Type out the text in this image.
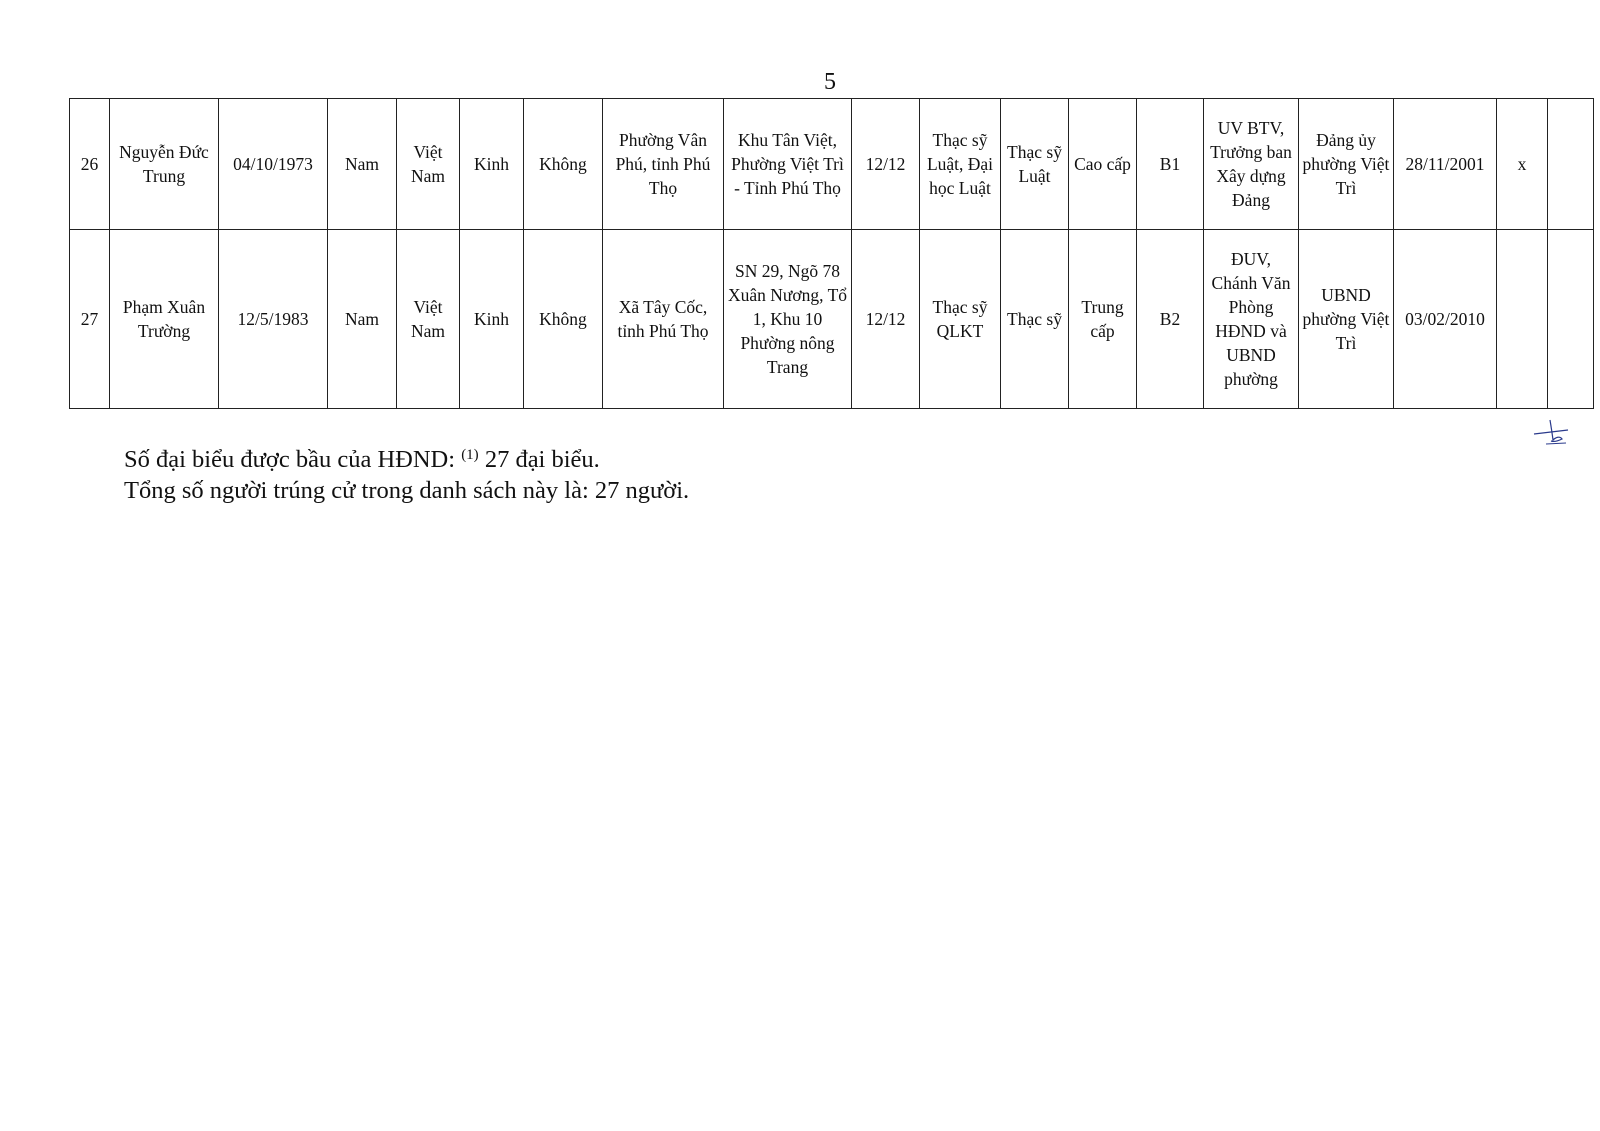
5
26	Nguyễn Đức Trung	04/10/1973	Nam	Việt Nam	Kinh	Không	Phường Vân Phú, tỉnh Phú Thọ	Khu Tân Việt, Phường Việt Trì - Tỉnh Phú Thọ	12/12	Thạc sỹ Luật, Đại học Luật	Thạc sỹ Luật	Cao cấp	B1	UV BTV, Trưởng ban Xây dựng Đảng	Đảng ủy phường Việt Trì	28/11/2001	x	
27	Phạm Xuân Trường	12/5/1983	Nam	Việt Nam	Kinh	Không	Xã Tây Cốc, tỉnh Phú Thọ	SN 29, Ngõ 78 Xuân Nương, Tổ 1, Khu 10 Phường nông Trang	12/12	Thạc sỹ QLKT	Thạc sỹ	Trung cấp	B2	ĐUV, Chánh Văn Phòng HĐND và UBND phường	UBND phường Việt Trì	03/02/2010		
Số đại biểu được bầu của HĐND: $^{(1)}$ 27 đại biểu.
Tổng số người trúng cử trong danh sách này là: 27 người.
